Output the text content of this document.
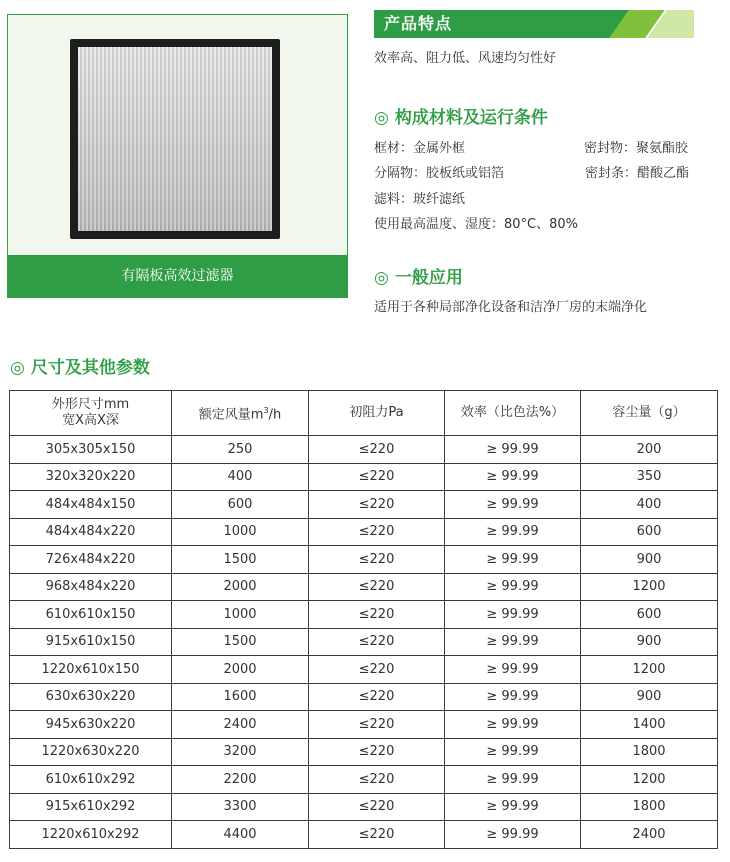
有隔板高效过滤器
产品特点
效率高、阻力低、风速均匀性好
◎ 构成材料及运行条件
框材：金属外框	密封物：聚氨酯胶
分隔物：胶板纸或铝箔	密封条：醋酸乙酯
滤料：玻纤滤纸
使用最高温度、湿度：80°C、80%
◎ 一般应用
适用于各种局部净化设备和洁净厂房的末端净化
◎ 尺寸及其他参数
外形尺寸mm
宽X高X深	额定风量$m^3/h$	初阻力Pa	效率（比色法%）	容尘量（g）
305x305x150	250	≤220	≥ 99.99	200
320x320x220	400	≤220	≥ 99.99	350
484x484x150	600	≤220	≥ 99.99	400
484x484x220	1000	≤220	≥ 99.99	600
726x484x220	1500	≤220	≥ 99.99	900
968x484x220	2000	≤220	≥ 99.99	1200
610x610x150	1000	≤220	≥ 99.99	600
915x610x150	1500	≤220	≥ 99.99	900
1220x610x150	2000	≤220	≥ 99.99	1200
630x630x220	1600	≤220	≥ 99.99	900
945x630x220	2400	≤220	≥ 99.99	1400
1220x630x220	3200	≤220	≥ 99.99	1800
610x610x292	2200	≤220	≥ 99.99	1200
915x610x292	3300	≤220	≥ 99.99	1800
1220x610x292	4400	≤220	≥ 99.99	2400
